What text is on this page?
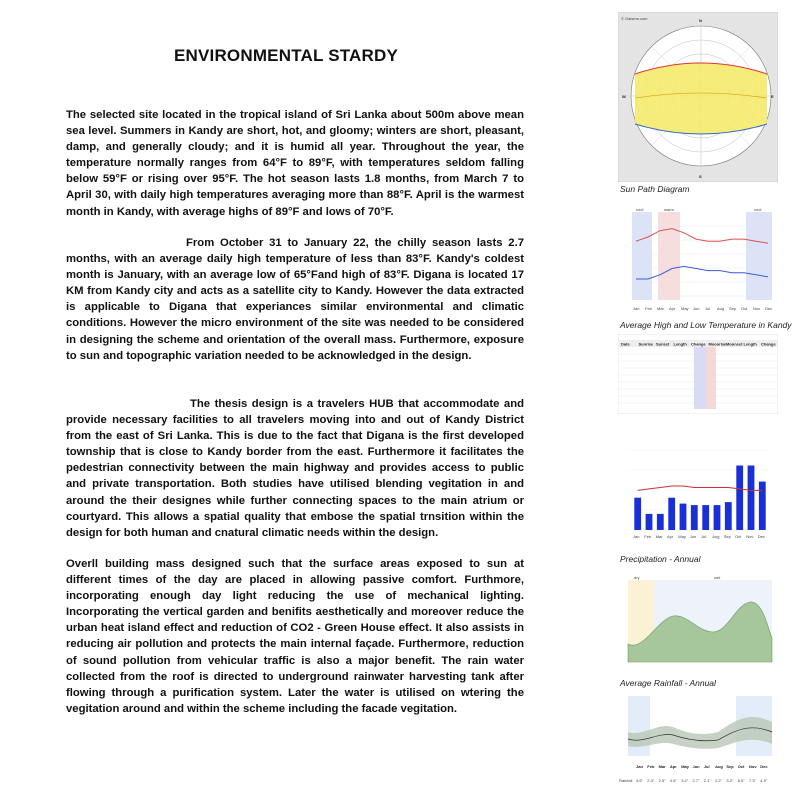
ENVIRONMENTAL STARDY

The selected site located in the tropical island of Sri Lanka about 500m above mean sea level. Summers in Kandy are short, hot, and gloomy; winters are short, pleasant, damp, and generally cloudy; and it is humid all year. Throughout the year, the temperature normally ranges from 64°F to 89°F, with temperatures seldom falling below 59°F or rising over 95°F. The hot season lasts 1.8 months, from March 7 to April 30, with daily high temperatures averaging more than 88°F. April is the warmest month in Kandy, with average highs of 89°F and lows of 70°F.

From October 31 to January 22, the chilly season lasts 2.7 months, with an average daily high temperature of less than 83°F. Kandy's coldest month is January, with an average low of 65°Fand high of 83°F. Digana is located 17 KM from Kandy city and acts as a satellite city to Kandy. However the data extracted is applicable to Digana that experiances similar environmental and climatic conditions. However the micro environment of the site was needed to be considered in designing the scheme and orientation of the overall mass. Furthermore, exposure to sun and topographic variation needed to be acknowledged in the design.

The thesis design is a travelers HUB that accommodate and provide necessary facilities to all travelers moving into and out of Kandy District from the east of Sri Lanka. This is due to the fact that Digana is the first developed township that is close to Kandy border from the east. Furthermore it facilitates the pedestrian connectivity between the main highway and provides access to public and private transportation. Both studies have utilised blending vegitation in and around the their designes while further connecting spaces to the main atrium or courtyard. This allows a spatial quality that embose the spatial trnsition within the design for both human and cnatural climatic needs within the design.

Overll building mass designed such that the surface areas exposed to sun at different times of the day are placed in allowing passive comfort. Furthmore, incorporating enough day light reducing the use of mechanical lighting. Incorporating the vertical garden and benifits aesthetically and moreover reduce the urban heat island effect and reduction of CO2 - Green House effect. It also assists in reducing air pollution and protects the main internal façade. Furthermore, reduction of sound pollution from vehicular traffic is also a major benefit. The rain water collected from the roof is directed to underground rainwater harvesting tank after flowing through a purification system. Later the water is utilised on wtering the vegitation around and within the scheme including the facade vegitation.

© Gaisma.com	N
S
W	E
Sun Path Diagram
cool	warm	cool
Jan Feb Mar Apr May Jun Jul Aug Sep Oct Nov Dec
Average High and Low Temperature in Kandy
Date Sunrise Sunset Length Change Moonrise Moonset Length Change
Jan Feb Mar Apr May Jun Jul Aug Sep Oct Nov Dec
Precipitation - Annual
dry	wet
Average Rainfall - Annual
Jan Feb Mar Apr May Jun Jul Aug Sep Oct Nov Dec
4.6" 2.3" 2.5" 4.6" 3.4" 2.7" 2.1" 2.2" 3.2" 6.5" 7.3" 4.9"
Rainfall
